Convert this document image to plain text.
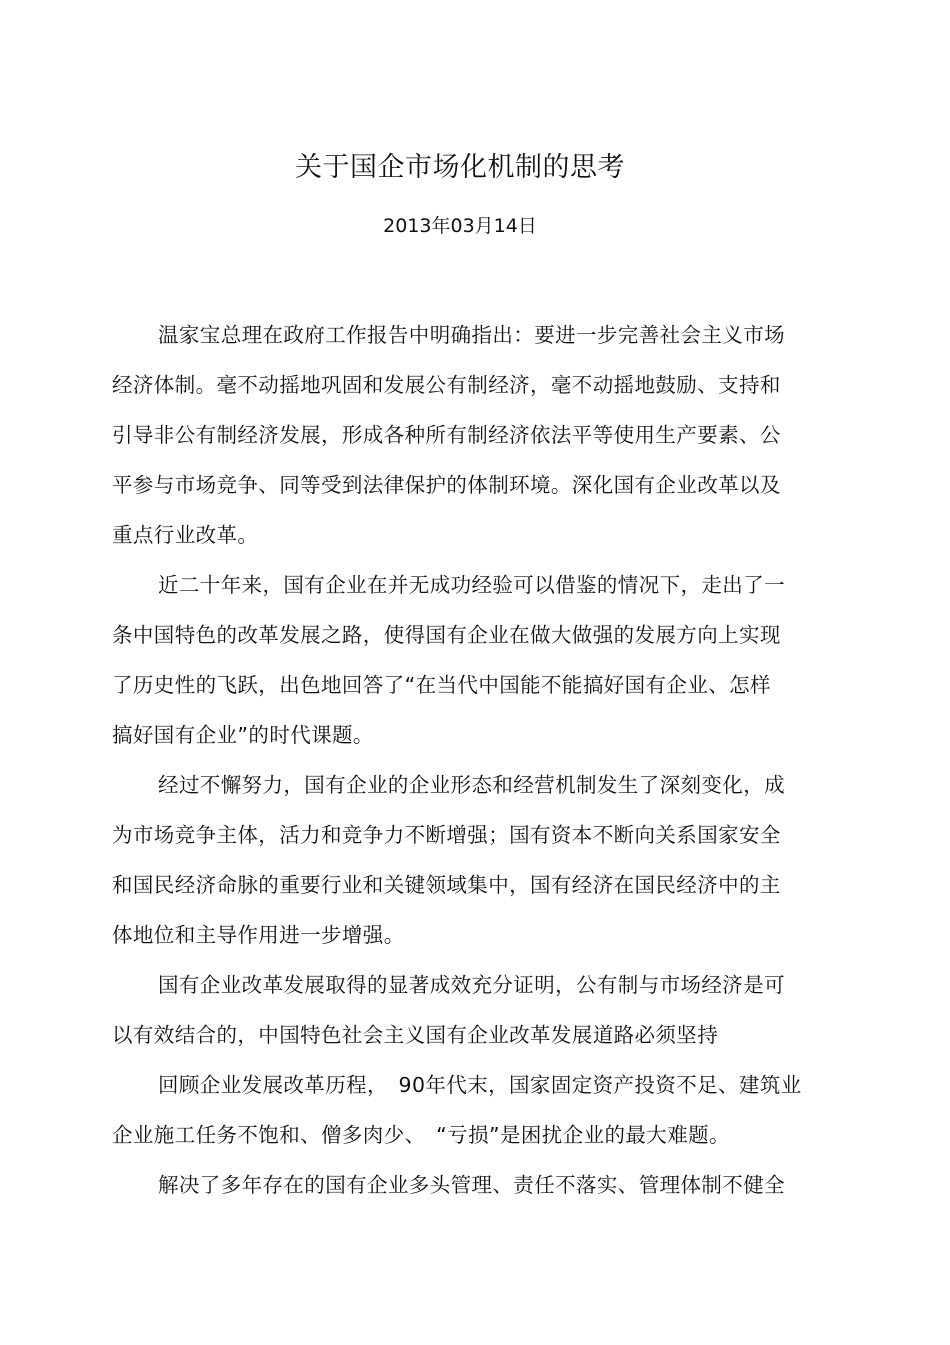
关于国企市场化机制的思考

2013年03月14日

温家宝总理在政府工作报告中明确指出：要进一步完善社会主义市场
经济体制。毫不动摇地巩固和发展公有制经济，毫不动摇地鼓励、支持和
引导非公有制经济发展，形成各种所有制经济依法平等使用生产要素、公
平参与市场竞争、同等受到法律保护的体制环境。深化国有企业改革以及
重点行业改革。
近二十年来，国有企业在并无成功经验可以借鉴的情况下，走出了一
条中国特色的改革发展之路，使得国有企业在做大做强的发展方向上实现
了历史性的飞跃，出色地回答了“在当代中国能不能搞好国有企业、怎样
搞好国有企业”的时代课题。
经过不懈努力，国有企业的企业形态和经营机制发生了深刻变化，成
为市场竞争主体，活力和竞争力不断增强；国有资本不断向关系国家安全
和国民经济命脉的重要行业和关键领域集中，国有经济在国民经济中的主
体地位和主导作用进一步增强。
国有企业改革发展取得的显著成效充分证明，公有制与市场经济是可
以有效结合的，中国特色社会主义国有企业改革发展道路必须坚持
回顾企业发展改革历程，　90年代末，国家固定资产投资不足、建筑业
企业施工任务不饱和、僧多肉少、　“亏损”是困扰企业的最大难题。
解决了多年存在的国有企业多头管理、责任不落实、管理体制不健全
